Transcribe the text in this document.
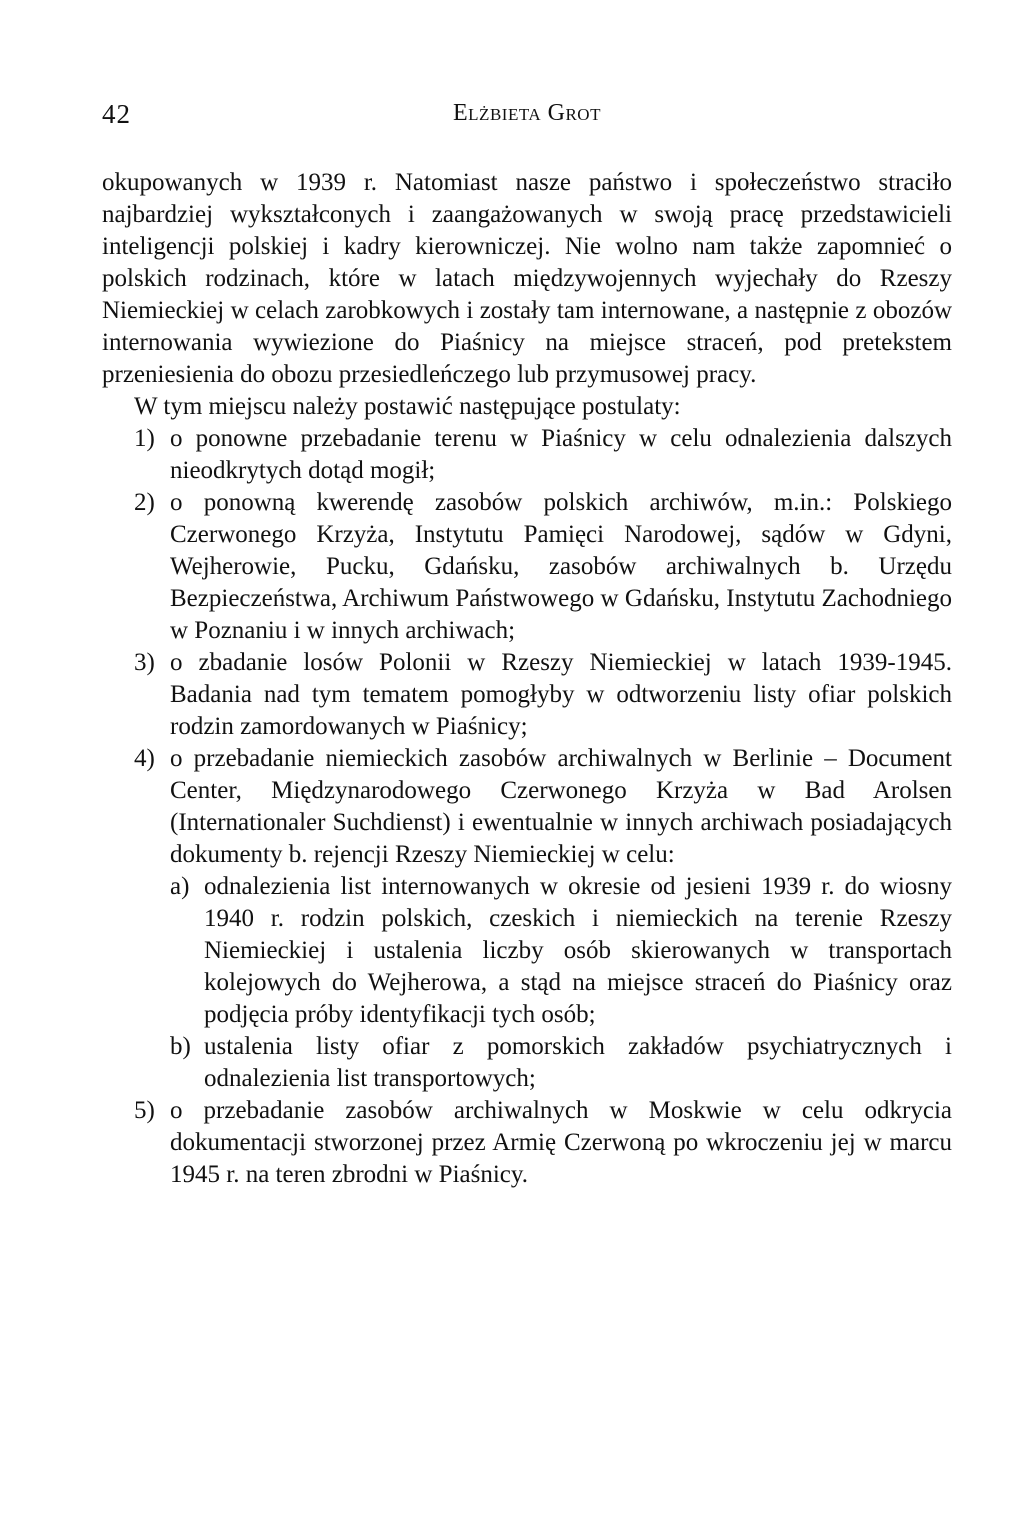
42	Elżbieta Grot

okupowanych w 1939 r. Natomiast nasze państwo i społeczeństwo straciło najbardziej wykształconych i zaangażowanych w swoją pracę przedstawicieli inteligencji polskiej i kadry kierowniczej. Nie wolno nam także zapomnieć o polskich rodzinach, które w latach międzywojennych wyjechały do Rzeszy Niemieckiej w celach zarobkowych i zostały tam internowane, a następnie z obozów internowania wywiezione do Piaśnicy na miejsce straceń, pod pretekstem przeniesienia do obozu przesiedleńczego lub przymusowej pracy.

W tym miejscu należy postawić następujące postulaty:

1) o ponowne przebadanie terenu w Piaśnicy w celu odnalezienia dalszych nieodkrytych dotąd mogił;
2) o ponowną kwerendę zasobów polskich archiwów, m.in.: Polskiego Czerwonego Krzyża, Instytutu Pamięci Narodowej, sądów w Gdyni, Wejherowie, Pucku, Gdańsku, zasobów archiwalnych b. Urzędu Bezpieczeństwa, Archiwum Państwowego w Gdańsku, Instytutu Zachodniego w Poznaniu i w innych archiwach;
3) o zbadanie losów Polonii w Rzeszy Niemieckiej w latach 1939-1945. Badania nad tym tematem pomogłyby w odtworzeniu listy ofiar polskich rodzin zamordowanych w Piaśnicy;
4) o przebadanie niemieckich zasobów archiwalnych w Berlinie – Document Center, Międzynarodowego Czerwonego Krzyża w Bad Arolsen (Internationaler Suchdienst) i ewentualnie w innych archiwach posiadających dokumenty b. rejencji Rzeszy Niemieckiej w celu:
a) odnalezienia list internowanych w okresie od jesieni 1939 r. do wiosny 1940 r. rodzin polskich, czeskich i niemieckich na terenie Rzeszy Niemieckiej i ustalenia liczby osób skierowanych w transportach kolejowych do Wejherowa, a stąd na miejsce straceń do Piaśnicy oraz podjęcia próby identyfikacji tych osób;
b) ustalenia listy ofiar z pomorskich zakładów psychiatrycznych i odnalezienia list transportowych;
5) o przebadanie zasobów archiwalnych w Moskwie w celu odkrycia dokumentacji stworzonej przez Armię Czerwoną po wkroczeniu jej w marcu 1945 r. na teren zbrodni w Piaśnicy.
